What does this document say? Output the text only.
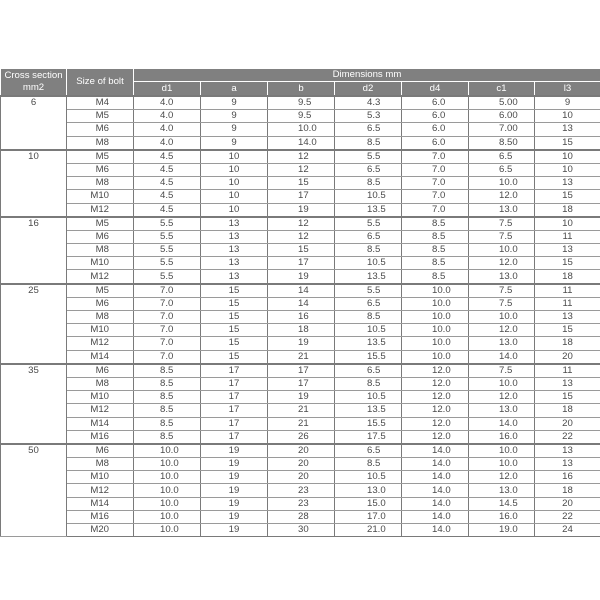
Cross section mm2	Size of bolt	Dimensions mm						
		d1	a	b	d2	d4	c1	l3
6	M4	4.0	9	9.5	4.3	6.0	5.00	9
	M5	4.0	9	9.5	5.3	6.0	6.00	10
	M6	4.0	9	10.0	6.5	6.0	7.00	13
	M8	4.0	9	14.0	8.5	6.0	8.50	15
10	M5	4.5	10	12	5.5	7.0	6.5	10
	M6	4.5	10	12	6.5	7.0	6.5	10
	M8	4.5	10	15	8.5	7.0	10.0	13
	M10	4.5	10	17	10.5	7.0	12.0	15
	M12	4.5	10	19	13.5	7.0	13.0	18
16	M5	5.5	13	12	5.5	8.5	7.5	10
	M6	5.5	13	12	6.5	8.5	7.5	11
	M8	5.5	13	15	8.5	8.5	10.0	13
	M10	5.5	13	17	10.5	8.5	12.0	15
	M12	5.5	13	19	13.5	8.5	13.0	18
25	M5	7.0	15	14	5.5	10.0	7.5	11
	M6	7.0	15	14	6.5	10.0	7.5	11
	M8	7.0	15	16	8.5	10.0	10.0	13
	M10	7.0	15	18	10.5	10.0	12.0	15
	M12	7.0	15	19	13.5	10.0	13.0	18
	M14	7.0	15	21	15.5	10.0	14.0	20
35	M6	8.5	17	17	6.5	12.0	7.5	11
	M8	8.5	17	17	8.5	12.0	10.0	13
	M10	8.5	17	19	10.5	12.0	12.0	15
	M12	8.5	17	21	13.5	12.0	13.0	18
	M14	8.5	17	21	15.5	12.0	14.0	20
	M16	8.5	17	26	17.5	12.0	16.0	22
50	M6	10.0	19	20	6.5	14.0	10.0	13
	M8	10.0	19	20	8.5	14.0	10.0	13
	M10	10.0	19	20	10.5	14.0	12.0	16
	M12	10.0	19	23	13.0	14.0	13.0	18
	M14	10.0	19	23	15.0	14.0	14.5	20
	M16	10.0	19	28	17.0	14.0	16.0	22
	M20	10.0	19	30	21.0	14.0	19.0	24
